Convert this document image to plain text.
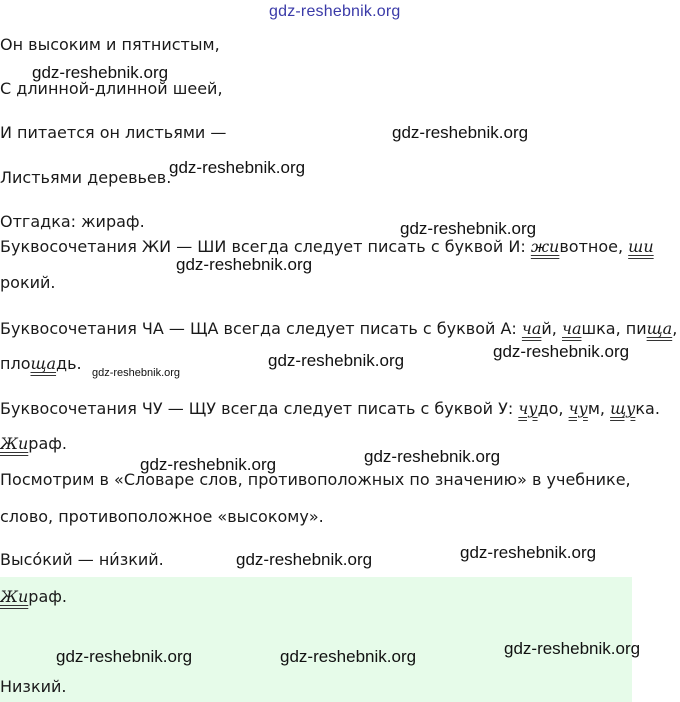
gdz-reshebnik.org
gdz-reshebnik.org
gdz-reshebnik.org
gdz-reshebnik.org
gdz-reshebnik.org
gdz-reshebnik.org
gdz-reshebnik.org
gdz-reshebnik.org
gdz-reshebnik.org
gdz-reshebnik.org
gdz-reshebnik.org
gdz-reshebnik.org
gdz-reshebnik.org
gdz-reshebnik.org
gdz-reshebnik.org	gdz-reshebnik.org
Он высоким и пятнистым,
С длинной-длинной шеей,
И питается он листьями —
Листьями деревьев.
Отгадка: жираф.
Буквосочетания ЖИ — ШИ всегда следует писать с буквой И: животное, ши
рокий.
Буквосочетания ЧА — ЩА всегда следует писать с буквой А: чай, чашка, пища,
площадь.
Буквосочетания ЧУ — ЩУ всегда следует писать с буквой У: чудо, чум, щука.
Жираф.
Посмотрим в «Словаре слов, противоположных по значению» в учебнике,
слово, противоположное «высокому».
Высо́кий — ни́зкий.
Жираф.
Низкий.
